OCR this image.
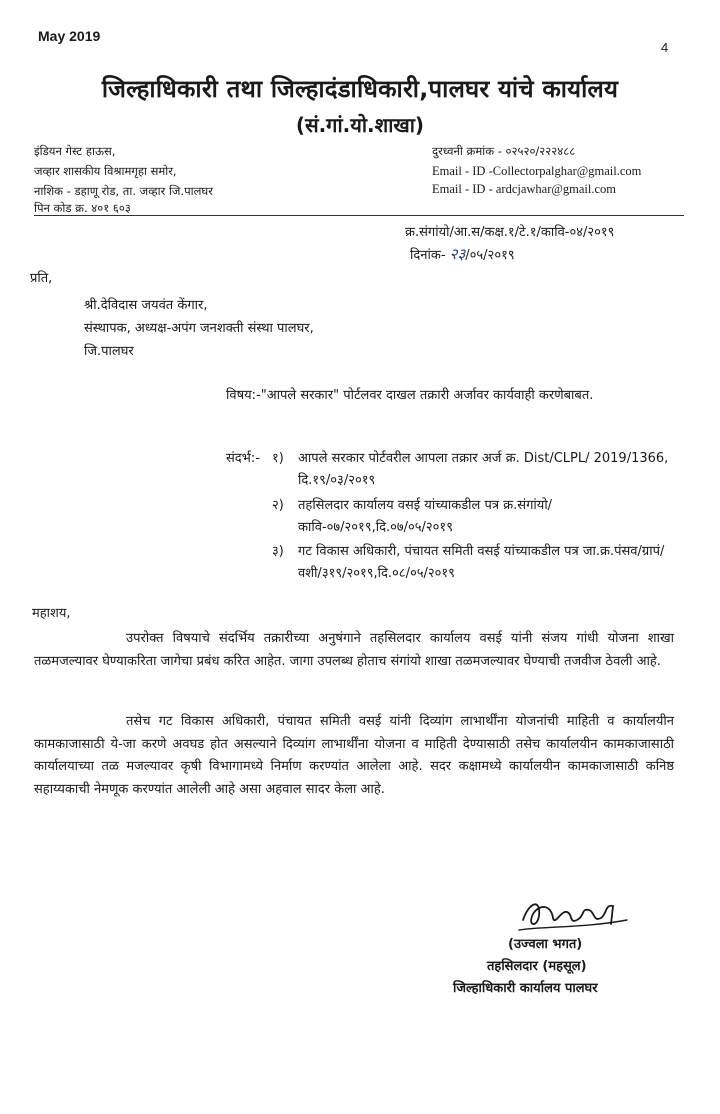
May 2019
4
जिल्हाधिकारी तथा जिल्हादंडाधिकारी,पालघर यांचे कार्यालय
(सं.गां.यो.शाखा)
इंडियन गेस्ट हाऊस,
जव्हार शासकीय विश्रामगृहा समोर,
नाशिक - डहाणू रोड, ता. जव्हार जि.पालघर
पिन कोड क्र. ४०१ ६०३
दुरध्वनी क्रमांक - ०२५२०/२२२४८८
Email - ID -Collectorpalghar@gmail.com
Email - ID - ardcjawhar@gmail.com
क्र.संगांयो/आ.स/कक्ष.१/टे.१/कावि-०४/२०१९
दिनांक- २३/०५/२०१९
प्रति,
श्री.देविदास जयवंत केंगार,
संस्थापक, अध्यक्ष-अपंग जनशक्ती संस्था पालघर,
जि.पालघर
विषय:-"आपले सरकार" पोर्टलवर दाखल तक्रारी अर्जावर कार्यवाही करणेबाबत.
संदर्भ:- १) आपले सरकार पोर्टवरील आपला तक्रार अर्ज क्र. Dist/CLPL/ 2019/1366, दि.१९/०३/२०१९
२) तहसिलदार कार्यालय वसई यांच्याकडील पत्र क्र.संगांयो/कावि-०७/२०१९,दि.०७/०५/२०१९
३) गट विकास अधिकारी, पंचायत समिती वसई यांच्याकडील पत्र जा.क्र.पंसव/ग्रापं/वशी/३१९/२०१९,दि.०८/०५/२०१९
महाशय,
उपरोक्त विषयाचे संदर्भिय तक्रारीच्या अनुषंगाने तहसिलदार कार्यालय वसई यांनी संजय गांधी योजना शाखा तळमजल्यावर घेण्याकरिता जागेचा प्रबंध करित आहेत. जागा उपलब्ध होताच संगांयो शाखा तळमजल्यावर घेण्याची तजवीज ठेवली आहे.
तसेच गट विकास अधिकारी, पंचायत समिती वसई यांनी दिव्यांग लाभार्थींना योजनांची माहिती व कार्यालयीन कामकाजासाठी ये-जा करणे अवघड होत असल्याने दिव्यांग लाभार्थींना योजना व माहिती देण्यासाठी तसेच कार्यालयीन कामकाजासाठी कार्यालयाच्या तळ मजल्यावर कृषी विभागामध्ये निर्माण करण्यांत आलेला आहे. सदर कक्षामध्ये कार्यालयीन कामकाजासाठी कनिष्ठ सहाय्यकाची नेमणूक करण्यांत आलेली आहे असा अहवाल सादर केला आहे.
(उज्वला भगत)
तहसिलदार (महसूल)
जिल्हाधिकारी कार्यालय पालघर
